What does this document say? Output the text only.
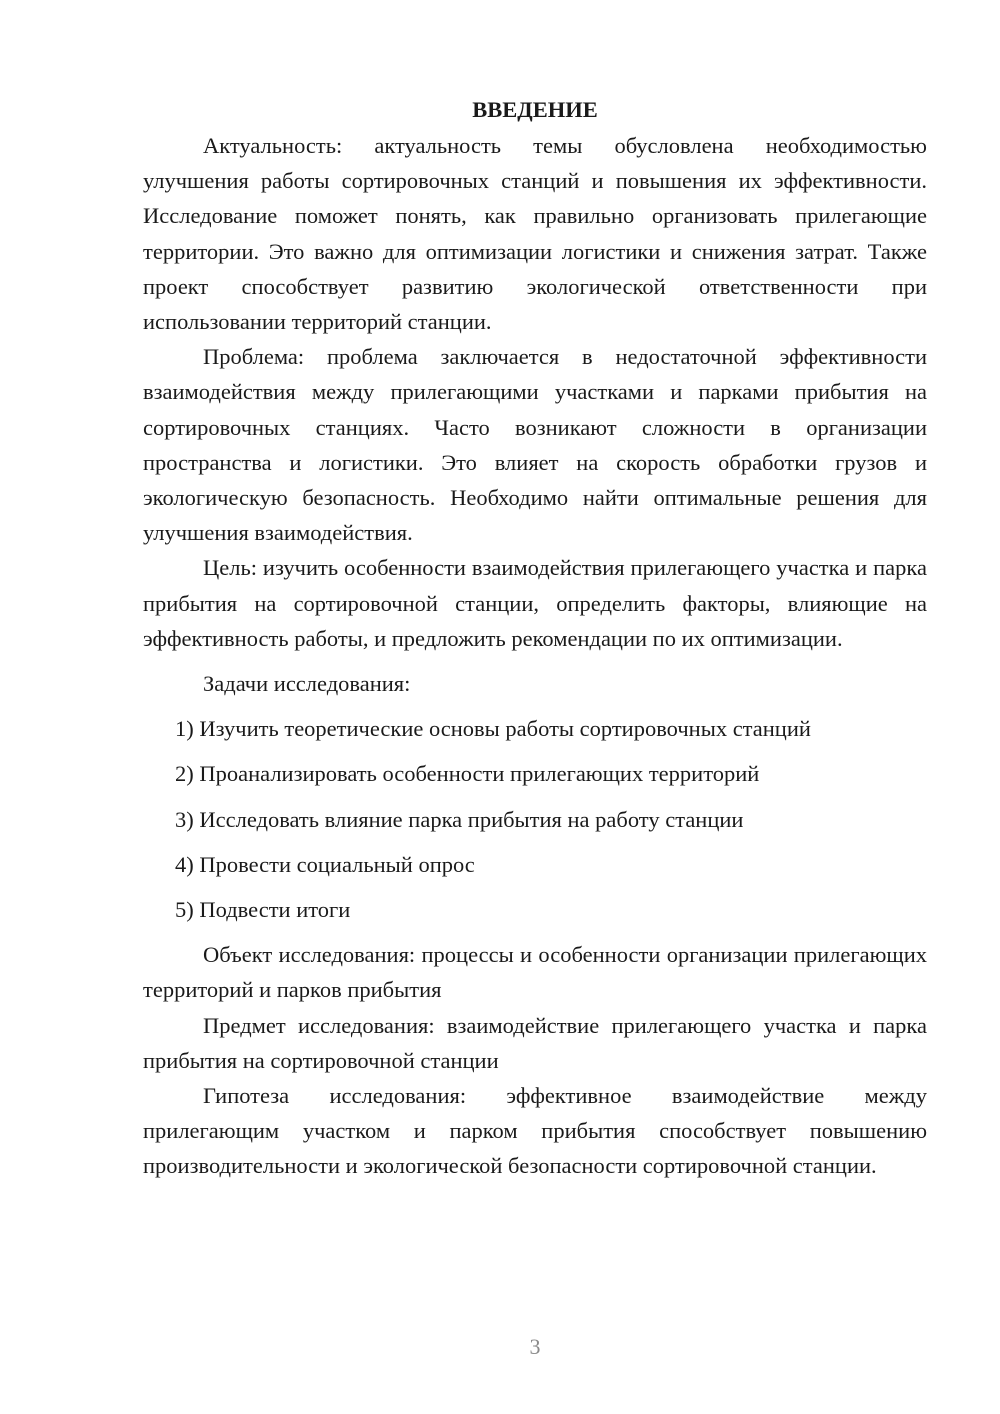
ВВЕДЕНИЕ

Актуальность: актуальность темы обусловлена необходимостью улучшения работы сортировочных станций и повышения их эффективности. Исследование поможет понять, как правильно организовать прилегающие территории. Это важно для оптимизации логистики и снижения затрат. Также проект способствует развитию экологической ответственности при использовании территорий станции.

Проблема: проблема заключается в недостаточной эффективности взаимодействия между прилегающими участками и парками прибытия на сортировочных станциях. Часто возникают сложности в организации пространства и логистики. Это влияет на скорость обработки грузов и экологическую безопасность. Необходимо найти оптимальные решения для улучшения взаимодействия.

Цель: изучить особенности взаимодействия прилегающего участка и парка прибытия на сортировочной станции, определить факторы, влияющие на эффективность работы, и предложить рекомендации по их оптимизации.

Задачи исследования:

1) Изучить теоретические основы работы сортировочных станций
2) Проанализировать особенности прилегающих территорий
3) Исследовать влияние парка прибытия на работу станции
4) Провести социальный опрос
5) Подвести итоги

Объект исследования: процессы и особенности организации прилегающих территорий и парков прибытия

Предмет исследования: взаимодействие прилегающего участка и парка прибытия на сортировочной станции

Гипотеза исследования: эффективное взаимодействие между прилегающим участком и парком прибытия способствует повышению производительности и экологической безопасности сортировочной станции.

3
